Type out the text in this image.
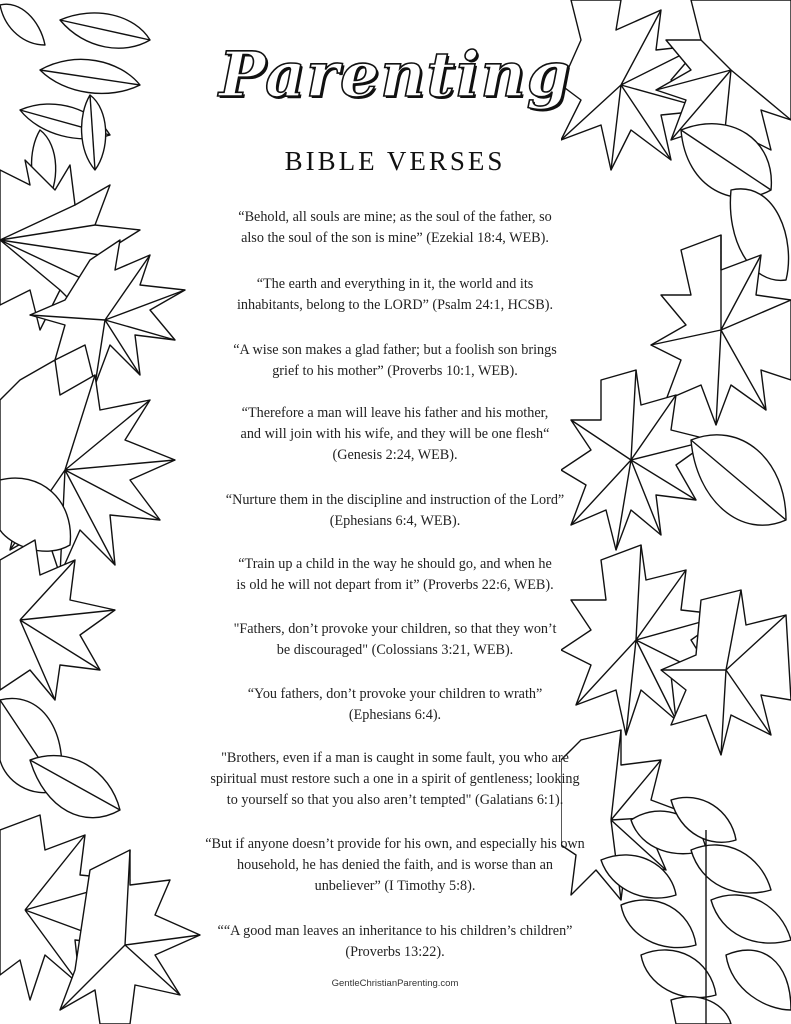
Parenting
BIBLE VERSES
“Behold, all souls are mine; as the soul of the father, so
also the soul of the son is mine” (Ezekial 18:4, WEB).
“The earth and everything in it, the world and its
inhabitants, belong to the LORD” (Psalm 24:1, HCSB).
“A wise son makes a glad father; but a foolish son brings
grief to his mother” (Proverbs 10:1, WEB).
“Therefore a man will leave his father and his mother,
and will join with his wife, and they will be one flesh“
(Genesis 2:24, WEB).
“Nurture them in the discipline and instruction of the Lord”
(Ephesians 6:4, WEB).
“Train up a child in the way he should go, and when he
is old he will not depart from it” (Proverbs 22:6, WEB).
"Fathers, don’t provoke your children, so that they won’t
be discouraged" (Colossians 3:21, WEB).
“You fathers, don’t provoke your children to wrath”
(Ephesians 6:4).
"Brothers, even if a man is caught in some fault, you who are
spiritual must restore such a one in a spirit of gentleness; looking
to yourself so that you also aren’t tempted" (Galatians 6:1).
“But if anyone doesn’t provide for his own, and especially his own
household, he has denied the faith, and is worse than an
unbeliever” (I Timothy 5:8).
““A good man leaves an inheritance to his children’s children”
(Proverbs 13:22).
GentleChristianParenting.com
